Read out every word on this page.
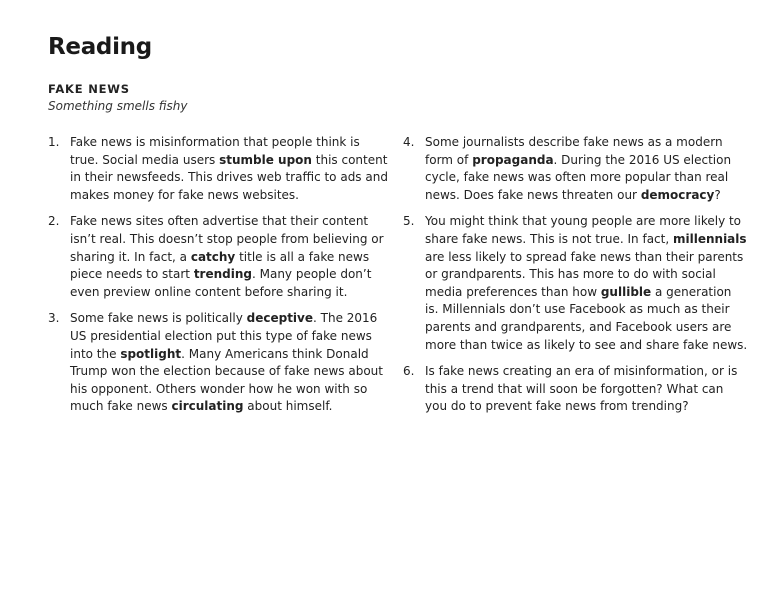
Reading
FAKE NEWS
Something smells fishy
1. Fake news is misinformation that people think is true. Social media users stumble upon this content in their newsfeeds. This drives web traffic to ads and makes money for fake news websites.
2. Fake news sites often advertise that their content isn’t real. This doesn’t stop people from believing or sharing it. In fact, a catchy title is all a fake news piece needs to start trending. Many people don’t even preview online content before sharing it.
3. Some fake news is politically deceptive. The 2016 US presidential election put this type of fake news into the spotlight. Many Americans think Donald Trump won the election because of fake news about his opponent. Others wonder how he won with so much fake news circulating about himself.
4. Some journalists describe fake news as a modern form of propaganda. During the 2016 US election cycle, fake news was often more popular than real news. Does fake news threaten our democracy?
5. You might think that young people are more likely to share fake news. This is not true. In fact, millennials are less likely to spread fake news than their parents or grandparents. This has more to do with social media preferences than how gullible a generation is. Millennials don’t use Facebook as much as their parents and grandparents, and Facebook users are more than twice as likely to see and share fake news.
6. Is fake news creating an era of misinformation, or is this a trend that will soon be forgotten? What can you do to prevent fake news from trending?
